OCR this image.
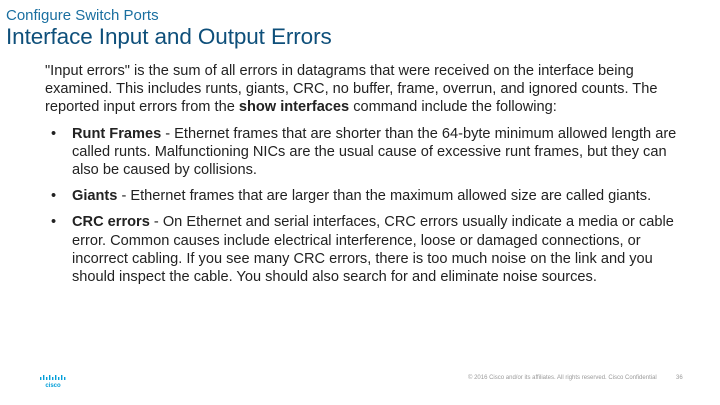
Configure Switch Ports
Interface Input and Output Errors

"Input errors" is the sum of all errors in datagrams that were received on the interface being examined. This includes runts, giants, CRC, no buffer, frame, overrun, and ignored counts. The reported input errors from the show interfaces command include the following:

• Runt Frames - Ethernet frames that are shorter than the 64-byte minimum allowed length are called runts. Malfunctioning NICs are the usual cause of excessive runt frames, but they can also be caused by collisions.
• Giants - Ethernet frames that are larger than the maximum allowed size are called giants.
• CRC errors - On Ethernet and serial interfaces, CRC errors usually indicate a media or cable error. Common causes include electrical interference, loose or damaged connections, or incorrect cabling. If you see many CRC errors, there is too much noise on the link and you should inspect the cable. You should also search for and eliminate noise sources.
cisco
© 2016 Cisco and/or its affiliates. All rights reserved. Cisco Confidential	36
